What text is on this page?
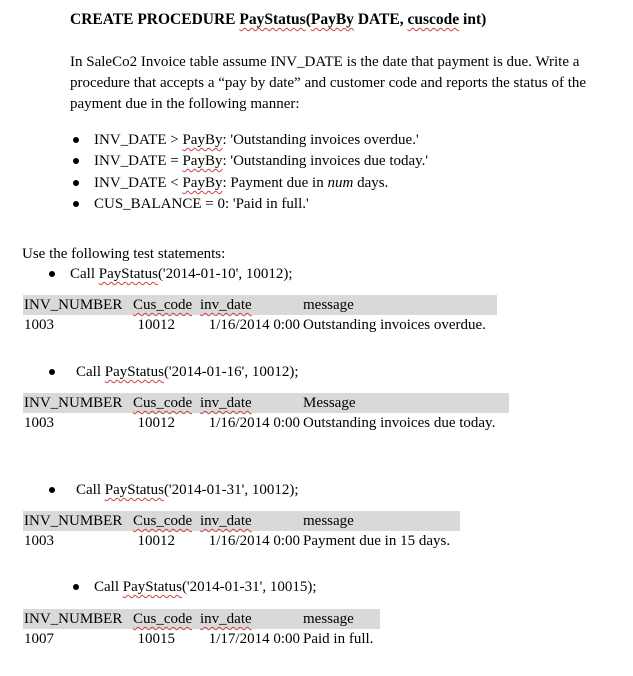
CREATE PROCEDURE PayStatus(PayBy DATE, cuscode int)
In SaleCo2 Invoice table assume INV_DATE is the date that payment is due. Write a procedure that accepts a “pay by date” and customer code and reports the status of the payment due in the following manner:
INV_DATE > PayBy: 'Outstanding invoices overdue.'
INV_DATE = PayBy: 'Outstanding invoices due today.'
INV_DATE < PayBy: Payment due in num days.
CUS_BALANCE = 0: 'Paid in full.'
Use the following test statements:
Call PayStatus('2014-01-10', 10012);
INV_NUMBER	Cus_code	inv_date	message
1003	10012	1/16/2014 0:00	Outstanding invoices overdue.
Call PayStatus('2014-01-16', 10012);
INV_NUMBER	Cus_code	inv_date	Message
1003	10012	1/16/2014 0:00	Outstanding invoices due today.
Call PayStatus('2014-01-31', 10012);
INV_NUMBER	Cus_code	inv_date	message
1003	10012	1/16/2014 0:00	Payment due in 15 days.
Call PayStatus('2014-01-31', 10015);
INV_NUMBER	Cus_code	inv_date	message
1007	10015	1/17/2014 0:00	Paid in full.
